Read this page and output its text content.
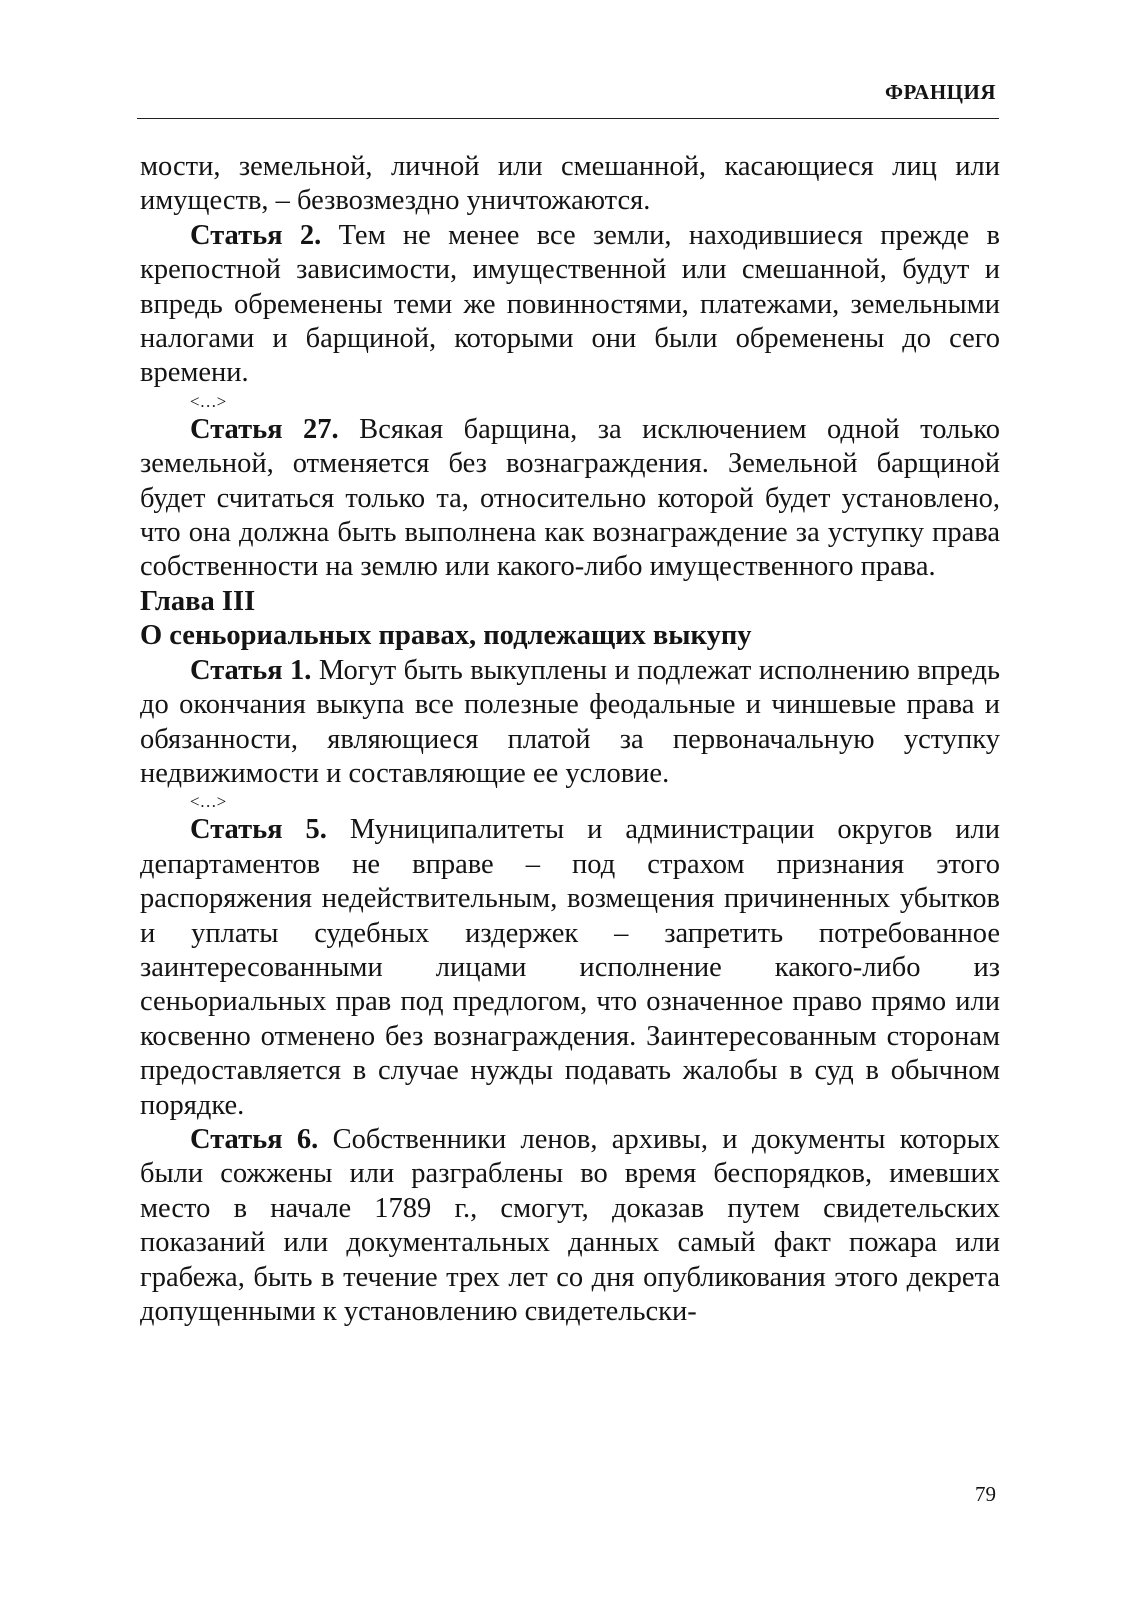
ФРАНЦИЯ

мости, земельной, личной или смешанной, касающиеся лиц или имуществ, – безвозмездно уничтожаются.

Статья 2. Тем не менее все земли, находившиеся прежде в крепостной зависимости, имущественной или смешанной, будут и впредь обременены теми же повинностями, платежами, земельными налогами и барщиной, которыми они были обременены до сего времени.

<…>

Статья 27. Всякая барщина, за исключением одной только земельной, отменяется без вознаграждения. Земельной барщиной будет считаться только та, относительно которой будет установлено, что она должна быть выполнена как вознаграждение за уступку права собственности на землю или какого-либо имущественного права.

Глава III

О сеньориальных правах, подлежащих выкупу

Статья 1. Могут быть выкуплены и подлежат исполнению впредь до окончания выкупа все полезные феодальные и чиншевые права и обязанности, являющиеся платой за первоначальную уступку недвижимости и составляющие ее условие.

<…>

Статья 5. Муниципалитеты и администрации округов или департаментов не вправе – под страхом признания этого распоряжения недействительным, возмещения причиненных убытков и уплаты судебных издержек – запретить потребованное заинтересованными лицами исполнение какого-либо из сеньориальных прав под предлогом, что означенное право прямо или косвенно отменено без вознаграждения. Заинтересованным сторонам предоставляется в случае нужды подавать жалобы в суд в обычном порядке.

Статья 6. Собственники ленов, архивы, и документы которых были сожжены или разграблены во время беспорядков, имевших место в начале 1789 г., смогут, доказав путем свидетельских показаний или документальных данных самый факт пожара или грабежа, быть в течение трех лет со дня опубликования этого декрета допущенными к установлению свидетельски-

79
